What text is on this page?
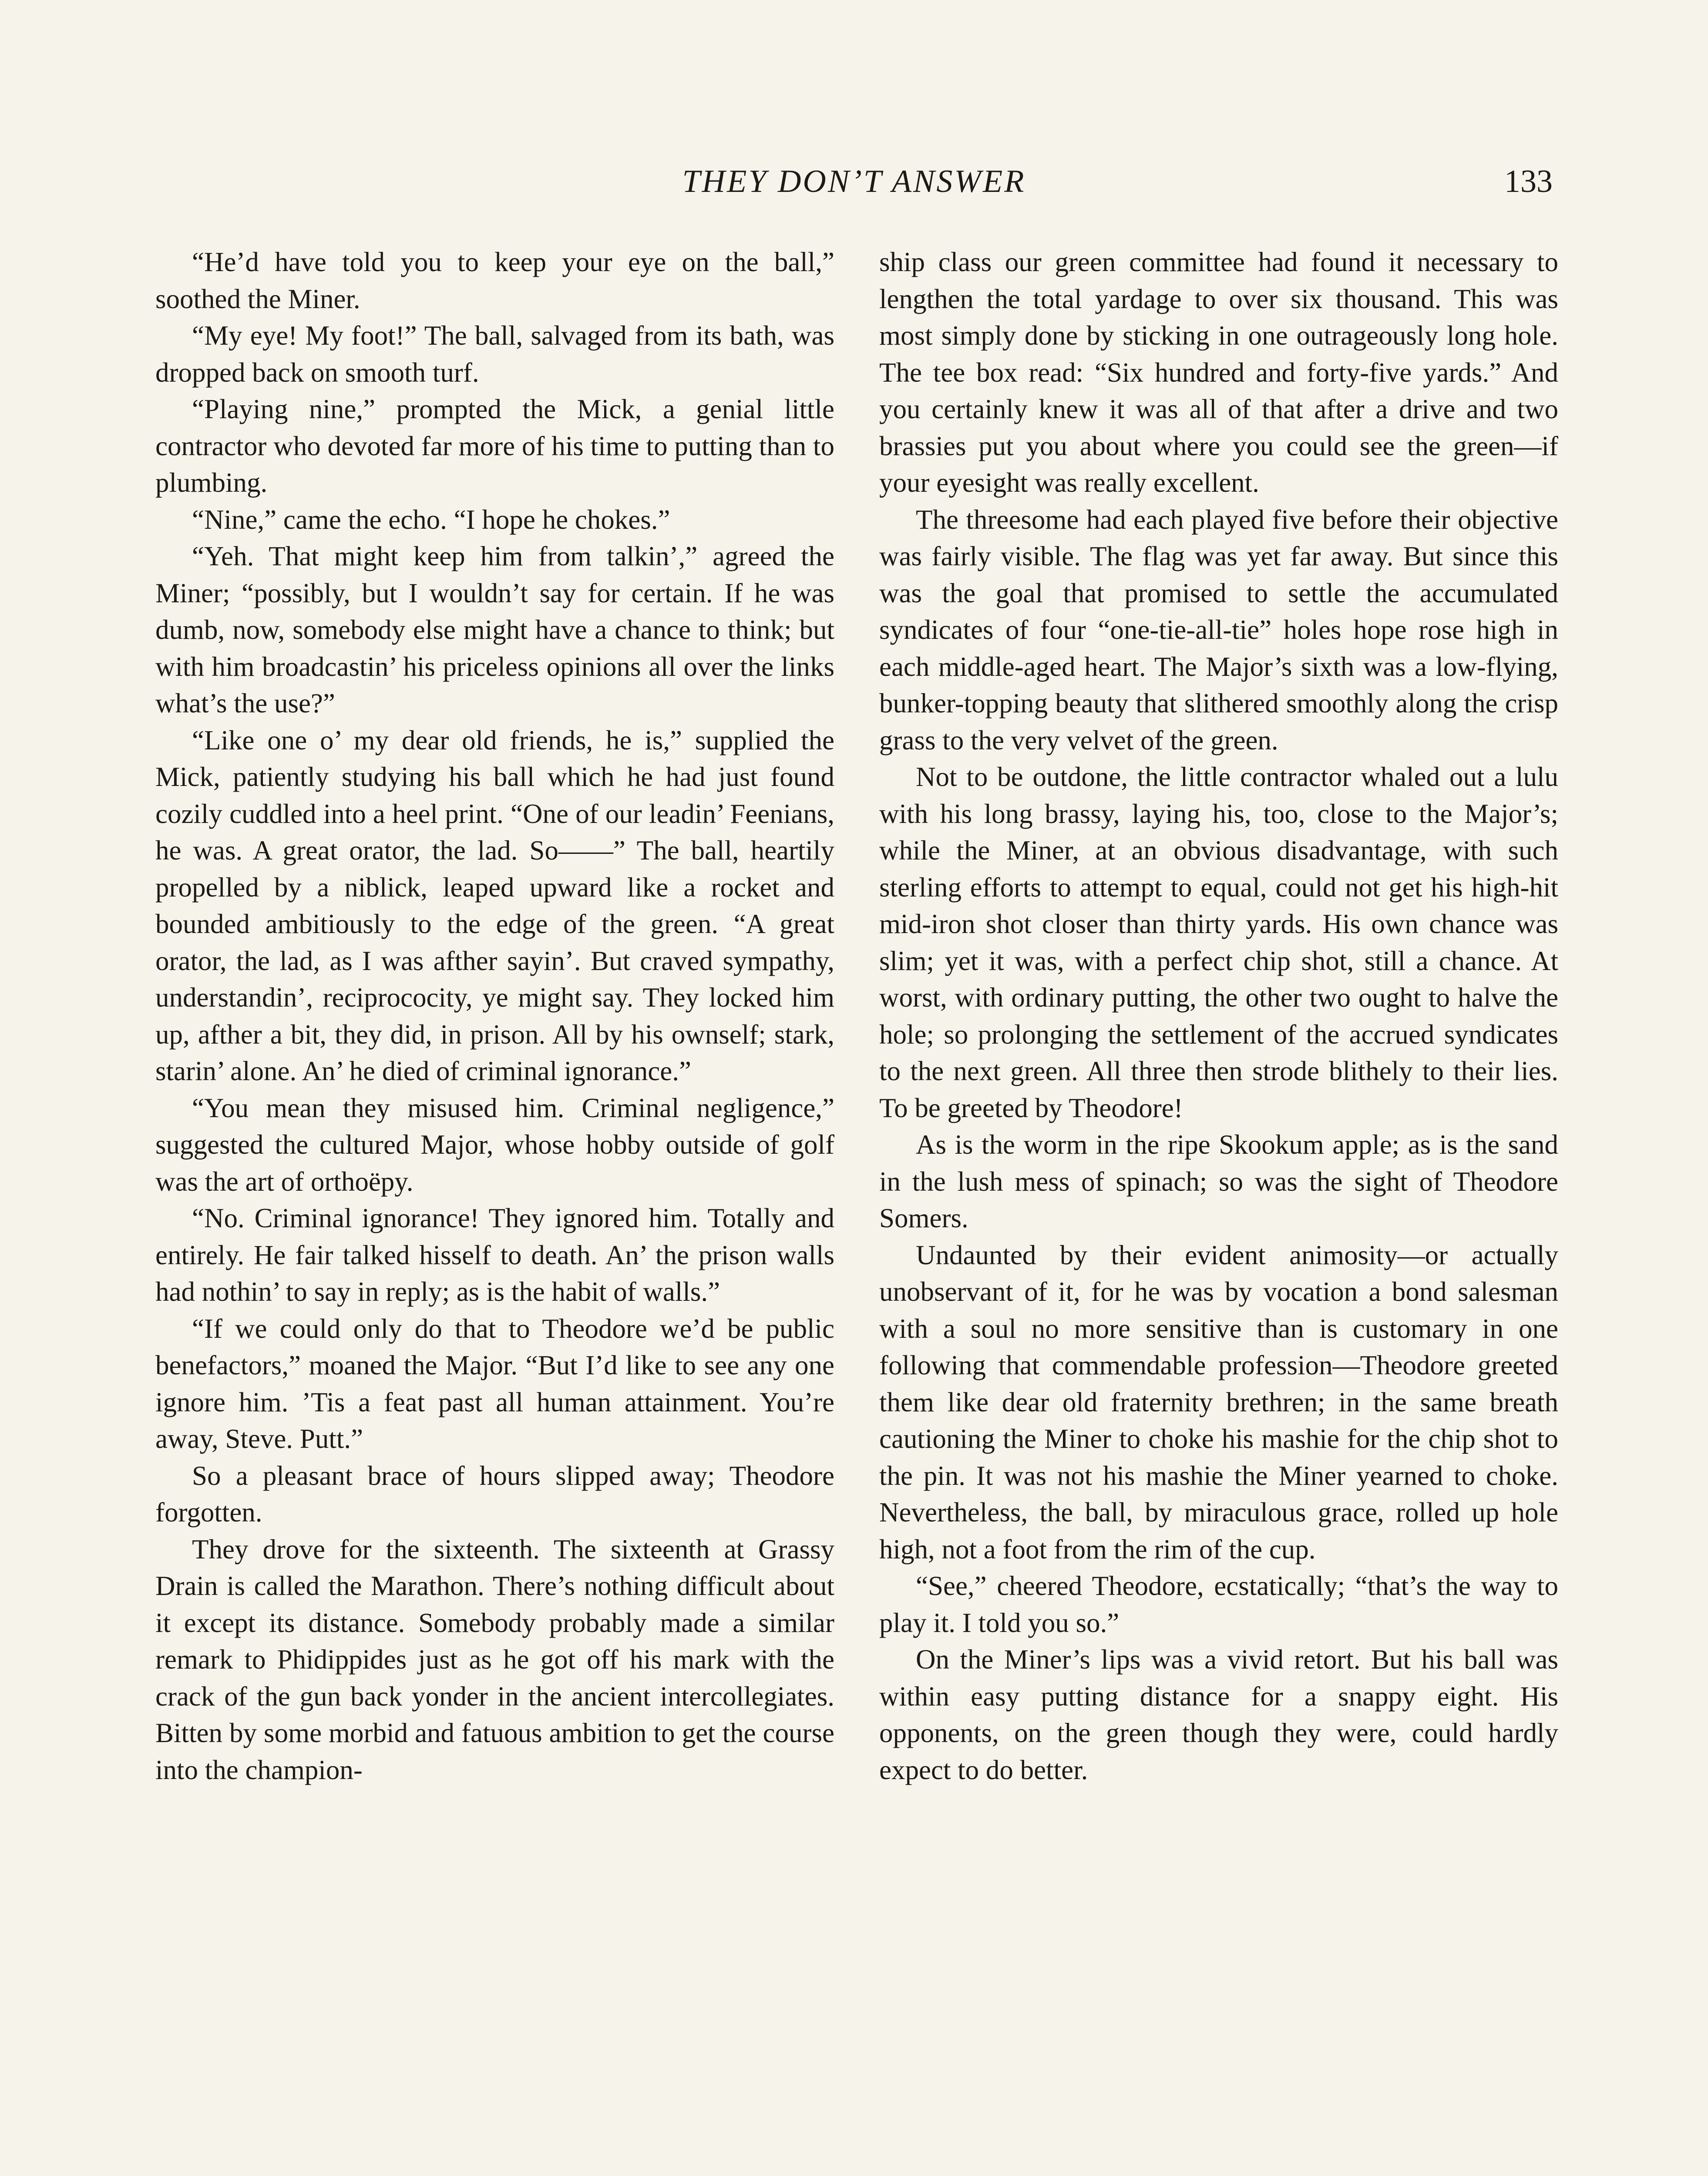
THEY DON’T ANSWER	133

“He’d have told you to keep your eye on the ball,” soothed the Miner.

“My eye! My foot!” The ball, salvaged from its bath, was dropped back on smooth turf.

“Playing nine,” prompted the Mick, a genial little contractor who devoted far more of his time to putting than to plumbing.

“Nine,” came the echo. “I hope he chokes.”

“Yeh. That might keep him from talkin’,” agreed the Miner; “possibly, but I wouldn’t say for certain. If he was dumb, now, somebody else might have a chance to think; but with him broadcastin’ his priceless opinions all over the links what’s the use?”

“Like one o’ my dear old friends, he is,” supplied the Mick, patiently studying his ball which he had just found cozily cuddled into a heel print. “One of our leadin’ Feenians, he was. A great orator, the lad. So——” The ball, heartily propelled by a niblick, leaped upward like a rocket and bounded ambitiously to the edge of the green. “A great orator, the lad, as I was afther sayin’. But craved sympathy, understandin’, reciprococity, ye might say. They locked him up, afther a bit, they did, in prison. All by his ownself; stark, starin’ alone. An’ he died of criminal ignorance.”

“You mean they misused him. Criminal negligence,” suggested the cultured Major, whose hobby outside of golf was the art of orthoëpy.

“No. Criminal ignorance! They ignored him. Totally and entirely. He fair talked hisself to death. An’ the prison walls had nothin’ to say in reply; as is the habit of walls.”

“If we could only do that to Theodore we’d be public benefactors,” moaned the Major. “But I’d like to see any one ignore him. ’Tis a feat past all human attainment. You’re away, Steve. Putt.”

So a pleasant brace of hours slipped away; Theodore forgotten.

They drove for the sixteenth. The sixteenth at Grassy Drain is called the Marathon. There’s nothing difficult about it except its distance. Somebody probably made a similar remark to Phidippides just as he got off his mark with the crack of the gun back yonder in the ancient intercollegiates. Bitten by some morbid and fatuous ambition to get the course into the champion-

ship class our green committee had found it necessary to lengthen the total yardage to over six thousand. This was most simply done by sticking in one outrageously long hole. The tee box read: “Six hundred and forty-five yards.” And you certainly knew it was all of that after a drive and two brassies put you about where you could see the green—if your eyesight was really excellent.

The threesome had each played five before their objective was fairly visible. The flag was yet far away. But since this was the goal that promised to settle the accumulated syndicates of four “one-tie-all-tie” holes hope rose high in each middle-aged heart. The Major’s sixth was a low-flying, bunker-topping beauty that slithered smoothly along the crisp grass to the very velvet of the green.

Not to be outdone, the little contractor whaled out a lulu with his long brassy, laying his, too, close to the Major’s; while the Miner, at an obvious disadvantage, with such sterling efforts to attempt to equal, could not get his high-hit mid-iron shot closer than thirty yards. His own chance was slim; yet it was, with a perfect chip shot, still a chance. At worst, with ordinary putting, the other two ought to halve the hole; so prolonging the settlement of the accrued syndicates to the next green. All three then strode blithely to their lies. To be greeted by Theodore!

As is the worm in the ripe Skookum apple; as is the sand in the lush mess of spinach; so was the sight of Theodore Somers.

Undaunted by their evident animosity—or actually unobservant of it, for he was by vocation a bond salesman with a soul no more sensitive than is customary in one following that commendable profession—Theodore greeted them like dear old fraternity brethren; in the same breath cautioning the Miner to choke his mashie for the chip shot to the pin. It was not his mashie the Miner yearned to choke. Nevertheless, the ball, by miraculous grace, rolled up hole high, not a foot from the rim of the cup.

“See,” cheered Theodore, ecstatically; “that’s the way to play it. I told you so.”

On the Miner’s lips was a vivid retort. But his ball was within easy putting distance for a snappy eight. His opponents, on the green though they were, could hardly expect to do better.
